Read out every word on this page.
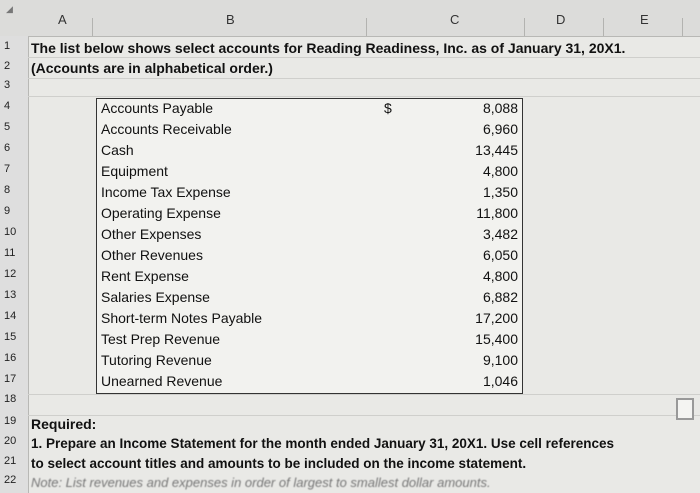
◢
A	B	C	D	E
1
2
3
4
5
6
7
8
9
10
11
12
13
14
15
16
17
18
19
20
21
22
The list below shows select accounts for Reading Readiness, Inc. as of January 31, 20X1.
(Accounts are in alphabetical order.)
$
Accounts Payable	8,088
Accounts Receivable	6,960
Cash	13,445
Equipment	4,800
Income Tax Expense	1,350
Operating Expense	11,800
Other Expenses	3,482
Other Revenues	6,050
Rent Expense	4,800
Salaries Expense	6,882
Short-term Notes Payable	17,200
Test Prep Revenue	15,400
Tutoring Revenue	9,100
Unearned Revenue	1,046
Required:
1. Prepare an Income Statement for the month ended January 31, 20X1. Use cell references
to select account titles and amounts to be included on the income statement.
Note: List revenues and expenses in order of largest to smallest dollar amounts.
